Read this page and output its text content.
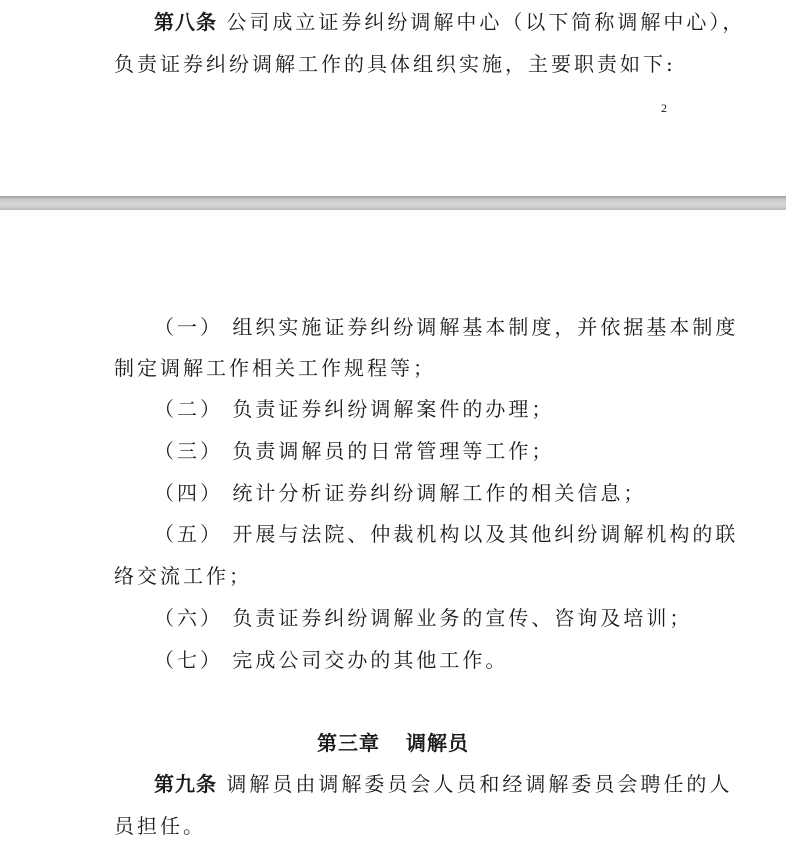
第八条 公司成立证券纠纷调解中心（以下简称调解中心），
负责证券纠纷调解工作的具体组织实施，主要职责如下:
2
（一） 组织实施证券纠纷调解基本制度，并依据基本制度
制定调解工作相关工作规程等；
（二） 负责证券纠纷调解案件的办理；
（三） 负责调解员的日常管理等工作；
（四） 统计分析证券纠纷调解工作的相关信息；
（五） 开展与法院、仲裁机构以及其他纠纷调解机构的联
络交流工作；
（六） 负责证券纠纷调解业务的宣传、咨询及培训；
（七） 完成公司交办的其他工作。
第三章 调解员
第九条 调解员由调解委员会人员和经调解委员会聘任的人
员担任。
